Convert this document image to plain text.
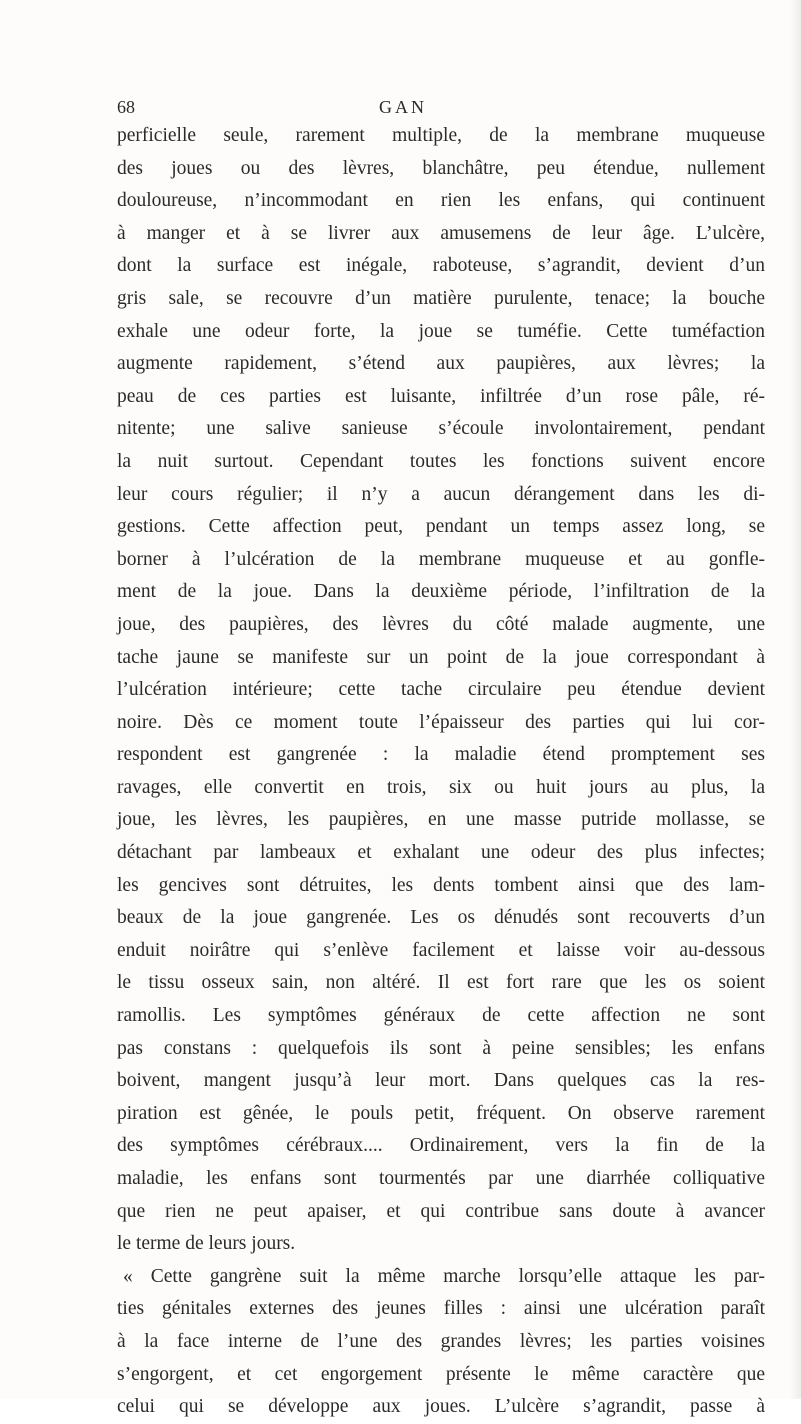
68	GAN
perficielle seule, rarement multiple, de la membrane muqueuse
des joues ou des lèvres, blanchâtre, peu étendue, nullement
douloureuse, n’incommodant en rien les enfans, qui continuent
à manger et à se livrer aux amusemens de leur âge. L’ulcère,
dont la surface est inégale, raboteuse, s’agrandit, devient d’un
gris sale, se recouvre d’un matière purulente, tenace; la bouche
exhale une odeur forte, la joue se tuméfie. Cette tuméfaction
augmente rapidement, s’étend aux paupières, aux lèvres; la
peau de ces parties est luisante, infiltrée d’un rose pâle, ré-
nitente; une salive sanieuse s’écoule involontairement, pendant
la nuit surtout. Cependant toutes les fonctions suivent encore
leur cours régulier; il n’y a aucun dérangement dans les di-
gestions. Cette affection peut, pendant un temps assez long, se
borner à l’ulcération de la membrane muqueuse et au gonfle-
ment de la joue. Dans la deuxième période, l’infiltration de la
joue, des paupières, des lèvres du côté malade augmente, une
tache jaune se manifeste sur un point de la joue correspondant à
l’ulcération intérieure; cette tache circulaire peu étendue devient
noire. Dès ce moment toute l’épaisseur des parties qui lui cor-
respondent est gangrenée : la maladie étend promptement ses
ravages, elle convertit en trois, six ou huit jours au plus, la
joue, les lèvres, les paupières, en une masse putride mollasse, se
détachant par lambeaux et exhalant une odeur des plus infectes;
les gencives sont détruites, les dents tombent ainsi que des lam-
beaux de la joue gangrenée. Les os dénudés sont recouverts d’un
enduit noirâtre qui s’enlève facilement et laisse voir au-dessous
le tissu osseux sain, non altéré. Il est fort rare que les os soient
ramollis. Les symptômes généraux de cette affection ne sont
pas constans : quelquefois ils sont à peine sensibles; les enfans
boivent, mangent jusqu’à leur mort. Dans quelques cas la res-
piration est gênée, le pouls petit, fréquent. On observe rarement
des symptômes cérébraux.... Ordinairement, vers la fin de la
maladie, les enfans sont tourmentés par une diarrhée colliquative
que rien ne peut apaiser, et qui contribue sans doute à avancer
le terme de leurs jours.
« Cette gangrène suit la même marche lorsqu’elle attaque les par-
ties génitales externes des jeunes filles : ainsi une ulcération paraît
à la face interne de l’une des grandes lèvres; les parties voisines
s’engorgent, et cet engorgement présente le même caractère que
celui qui se développe aux joues. L’ulcère s’agrandit, passe à
